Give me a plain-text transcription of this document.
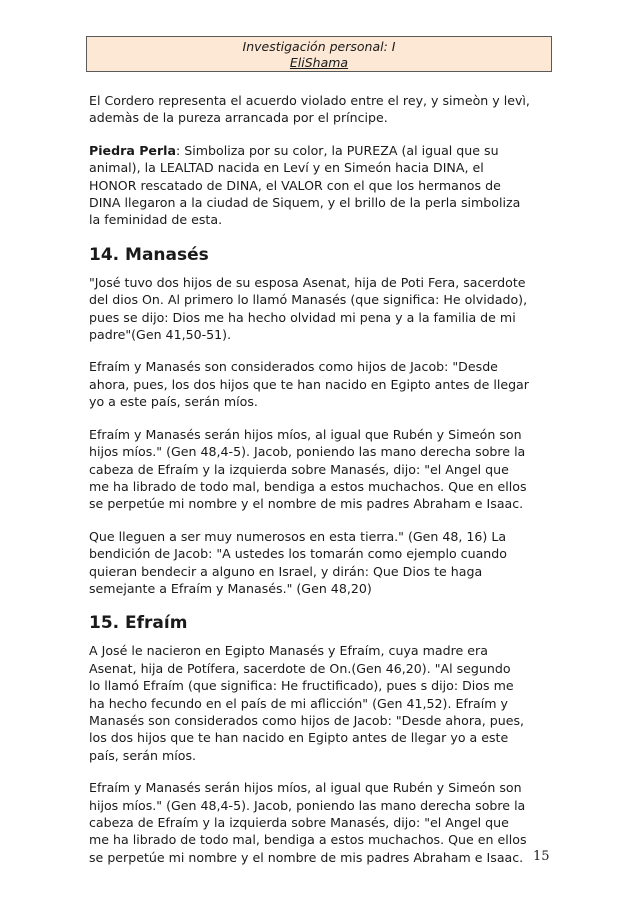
Investigación personal: I
EliShama

El Cordero representa el acuerdo violado entre el rey, y simeòn y levì,
ademàs de la pureza arrancada por el príncipe.

Piedra Perla: Simboliza por su color, la PUREZA (al igual que su
animal), la LEALTAD nacida en Leví y en Simeón hacia DINA, el
HONOR rescatado de DINA, el VALOR con el que los hermanos de
DINA llegaron a la ciudad de Siquem, y el brillo de la perla simboliza
la feminidad de esta.

14. Manasés

"José tuvo dos hijos de su esposa Asenat, hija de Poti Fera, sacerdote
del dios On. Al primero lo llamó Manasés (que significa: He olvidado),
pues se dijo: Dios me ha hecho olvidad mi pena y a la familia de mi
padre"(Gen 41,50-51).

Efraím y Manasés son considerados como hijos de Jacob: "Desde
ahora, pues, los dos hijos que te han nacido en Egipto antes de llegar
yo a este país, serán míos.

Efraím y Manasés serán hijos míos, al igual que Rubén y Simeón son
hijos míos." (Gen 48,4-5). Jacob, poniendo las mano derecha sobre la
cabeza de Efraím y la izquierda sobre Manasés, dijo: "el Angel que
me ha librado de todo mal, bendiga a estos muchachos. Que en ellos
se perpetúe mi nombre y el nombre de mis padres Abraham e Isaac.

Que lleguen a ser muy numerosos en esta tierra." (Gen 48, 16) La
bendición de Jacob: "A ustedes los tomarán como ejemplo cuando
quieran bendecir a alguno en Israel, y dirán: Que Dios te haga
semejante a Efraím y Manasés." (Gen 48,20)

15. Efraím

A José le nacieron en Egipto Manasés y Efraím, cuya madre era
Asenat, hija de Potífera, sacerdote de On.(Gen 46,20). "Al segundo
lo llamó Efraím (que significa: He fructificado), pues s dijo: Dios me
ha hecho fecundo en el país de mi aflicción" (Gen 41,52). Efraím y
Manasés son considerados como hijos de Jacob: "Desde ahora, pues,
los dos hijos que te han nacido en Egipto antes de llegar yo a este
país, serán míos.

Efraím y Manasés serán hijos míos, al igual que Rubén y Simeón son
hijos míos." (Gen 48,4-5). Jacob, poniendo las mano derecha sobre la
cabeza de Efraím y la izquierda sobre Manasés, dijo: "el Angel que
me ha librado de todo mal, bendiga a estos muchachos. Que en ellos
se perpetúe mi nombre y el nombre de mis padres Abraham e Isaac. 15
